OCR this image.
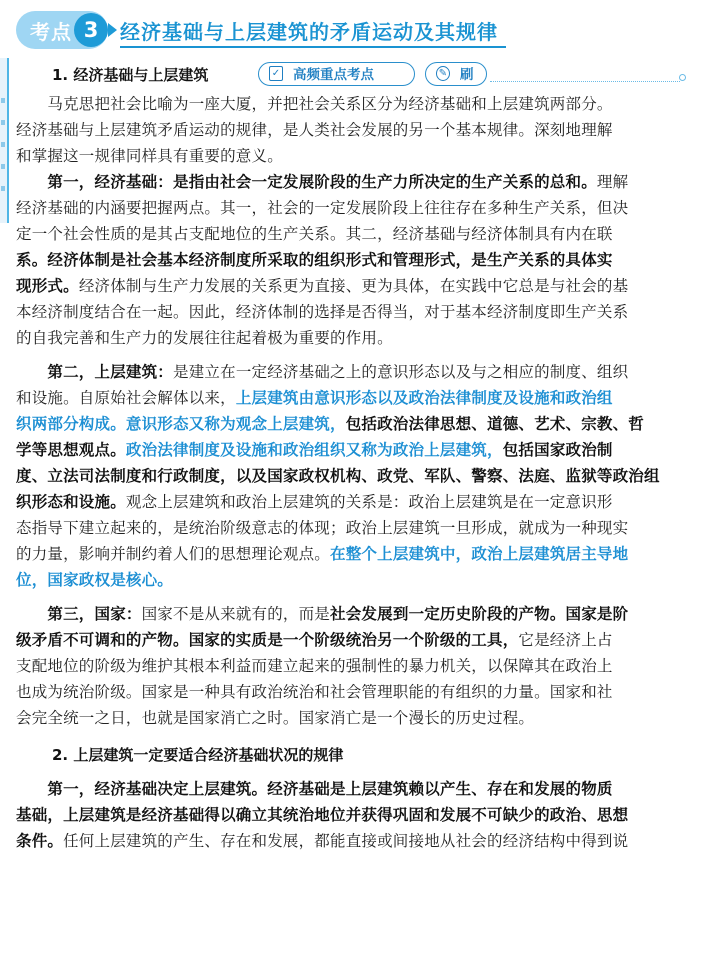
考点 3	经济基础与上层建筑的矛盾运动及其规律
1. 经济基础与上层建筑	✓ 高频重点考点	✎ 刷
　　马克思把社会比喻为一座大厦，并把社会关系区分为经济基础和上层建筑两部分。
经济基础与上层建筑矛盾运动的规律，是人类社会发展的另一个基本规律。深刻地理解
和掌握这一规律同样具有重要的意义。
　　第一，经济基础：是指由社会一定发展阶段的生产力所决定的生产关系的总和。理解
经济基础的内涵要把握两点。其一，社会的一定发展阶段上往往存在多种生产关系，但决
定一个社会性质的是其占支配地位的生产关系。其二，经济基础与经济体制具有内在联
系。经济体制是社会基本经济制度所采取的组织形式和管理形式，是生产关系的具体实
现形式。经济体制与生产力发展的关系更为直接、更为具体，在实践中它总是与社会的基
本经济制度结合在一起。因此，经济体制的选择是否得当，对于基本经济制度即生产关系
的自我完善和生产力的发展往往起着极为重要的作用。
　　第二，上层建筑：是建立在一定经济基础之上的意识形态以及与之相应的制度、组织
和设施。自原始社会解体以来，上层建筑由意识形态以及政治法律制度及设施和政治组
织两部分构成。意识形态又称为观念上层建筑，包括政治法律思想、道德、艺术、宗教、哲
学等思想观点。政治法律制度及设施和政治组织又称为政治上层建筑，包括国家政治制
度、立法司法制度和行政制度，以及国家政权机构、政党、军队、警察、法庭、监狱等政治组
织形态和设施。观念上层建筑和政治上层建筑的关系是：政治上层建筑是在一定意识形
态指导下建立起来的，是统治阶级意志的体现；政治上层建筑一旦形成，就成为一种现实
的力量，影响并制约着人们的思想理论观点。在整个上层建筑中，政治上层建筑居主导地
位，国家政权是核心。
　　第三，国家：国家不是从来就有的，而是社会发展到一定历史阶段的产物。国家是阶
级矛盾不可调和的产物。国家的实质是一个阶级统治另一个阶级的工具，它是经济上占
支配地位的阶级为维护其根本利益而建立起来的强制性的暴力机关，以保障其在政治上
也成为统治阶级。国家是一种具有政治统治和社会管理职能的有组织的力量。国家和社
会完全统一之日，也就是国家消亡之时。国家消亡是一个漫长的历史过程。
2. 上层建筑一定要适合经济基础状况的规律
　　第一，经济基础决定上层建筑。经济基础是上层建筑赖以产生、存在和发展的物质
基础，上层建筑是经济基础得以确立其统治地位并获得巩固和发展不可缺少的政治、思想
条件。任何上层建筑的产生、存在和发展，都能直接或间接地从社会的经济结构中得到说
